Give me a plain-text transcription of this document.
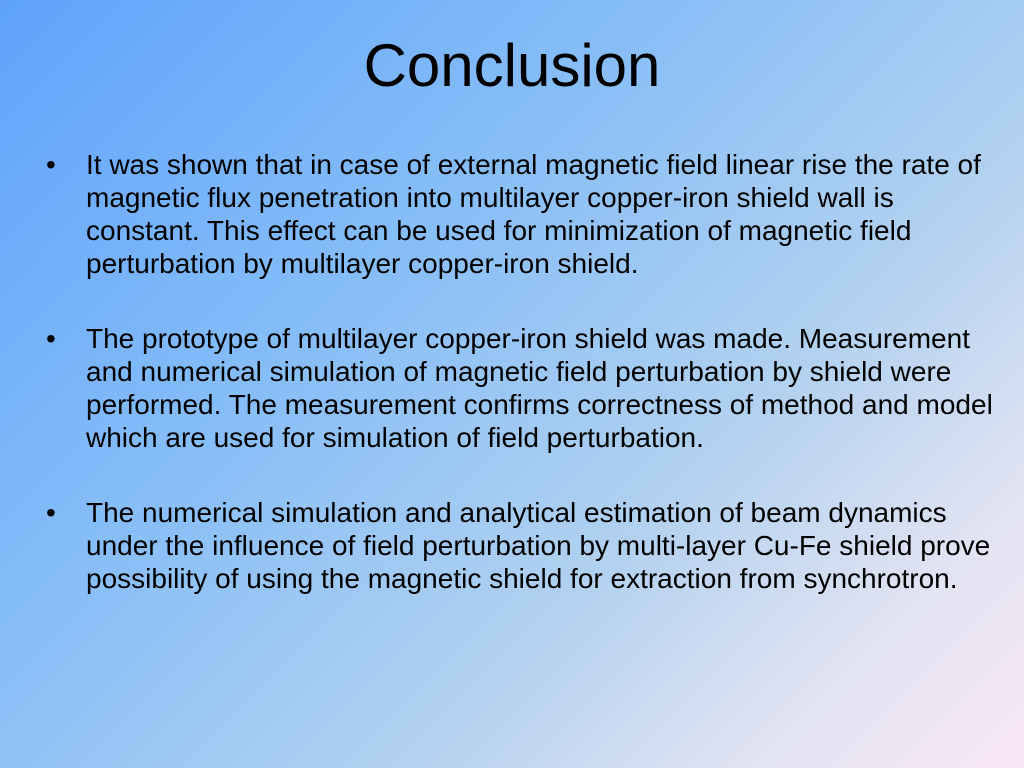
Conclusion
• It was shown that in case of external magnetic field linear rise the rate of magnetic flux penetration into multilayer copper-iron shield wall is constant. This effect can be used for minimization of magnetic field perturbation by multilayer copper-iron shield.
• The prototype of multilayer copper-iron shield was made. Measurement and numerical simulation of magnetic field perturbation by shield were performed. The measurement confirms correctness of method and model which are used for simulation of field perturbation.
• The numerical simulation and analytical estimation of beam dynamics under the influence of field perturbation by multi-layer Cu-Fe shield prove possibility of using the magnetic shield for extraction from synchrotron.
